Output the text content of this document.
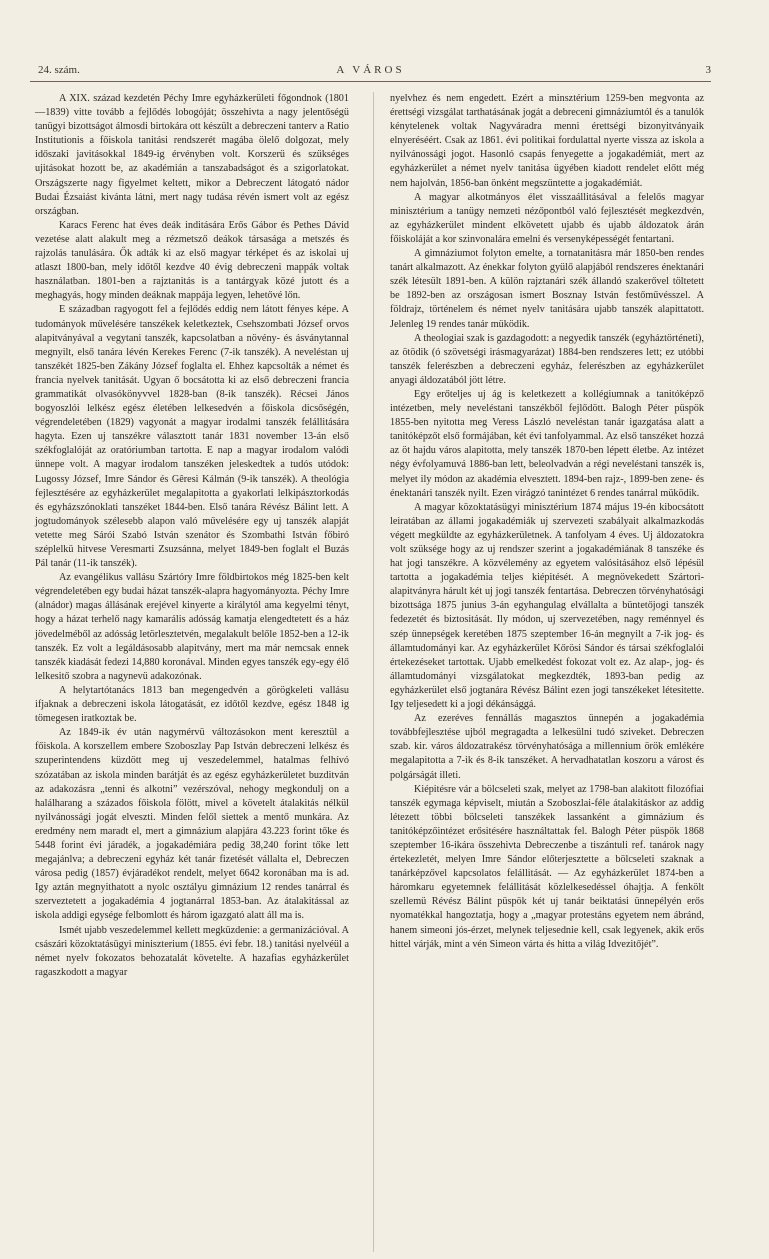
24. szám.	A VÁROS	3

A XIX. század kezdetén Péchy Imre egyházkerületi főgondnok (1801—1839) vitte tovább a fejlődés lobogóját; összehivta a nagy jelentőségü tanügyi bizottságot álmosdi birtokára ott készült a debreczeni tanterv a Ratio Institutionis a főiskola tanitási rendszerét magába ölelő dolgozat, mely időszaki javitásokkal 1849-ig érvényben volt. Korszerü és szükséges ujitásokat hozott be, az akadémián a tanszabadságot és a szigorlatokat. Országszerte nagy figyelmet keltett, mikor a Debreczent látogató nádor Budai Ézsaiást kivánta látni, mert nagy tudása révén ismert volt az egész országban.

Karacs Ferenc hat éves deák inditására Erős Gábor és Pethes Dávid vezetése alatt alakult meg a rézmetsző deákok társasága a metszés és rajzolás tanulására. Ők adták ki az első magyar térképet és az iskolai uj atlaszt 1800-ban, mely időtől kezdve 40 évig debreczeni mappák voltak használatban. 1801-ben a rajztanitás is a tantárgyak közé jutott és a meghagyás, hogy minden deáknak mappája legyen, lehetővé lőn.

E században ragyogott fel a fejlődés eddig nem látott fényes képe. A tudományok művelésére tanszékek keletkeztek, Csehszombati József orvos alapitványával a vegytani tanszék, kapcsolatban a növény- és ásványtannal megnyilt, első tanára lévén Kerekes Ferenc (7-ik tanszék). A neveléstan uj tanszékét 1825-ben Zákány József foglalta el. Ehhez kapcsolták a német és francia nyelvek tanitását. Ugyan ő bocsátotta ki az első debreczeni francia grammatikát olvasókönyvvel 1828-ban (8-ik tanszék). Récsei János bogyoszlói lelkész egész életében lelkesedvén a főiskola dicsőségén, végrendeletében (1829) vagyonát a magyar irodalmi tanszék felállitására hagyta. Ezen uj tanszékre választott tanár 1831 november 13-án első székfoglalóját az oratóriumban tartotta. E nap a magyar irodalom valódi ünnepe volt. A magyar irodalom tanszéken jeleskedtek a tudós utódok: Lugossy József, Imre Sándor és Gêresi Kálmán (9-ik tanszék). A theológia fejlesztésére az egyházkerület megalapitotta a gyakorlati lelkipásztorkodás és egyházszónoklati tanszéket 1844-ben. Első tanára Révész Bálint lett. A jogtudományok szélesebb alapon való művelésére egy uj tanszék alapját vetette meg Sárói Szabó István szenátor és Szombathi István főbiró széplelkü hitvese Veresmarti Zsuzsánna, melyet 1849-ben foglalt el Buzás Pál tanár (11-ik tanszék).

Az evangélikus vallásu Szártóry Imre földbirtokos még 1825-ben kelt végrendeletében egy budai házat tanszék-alapra hagyományozta. Péchy Imre (alnádor) magas állásának erejével kinyerte a királytól ama kegyelmi tényt, hogy a házat terhelő nagy kamarális adósság kamatja elengedtetett és a ház jövedelméből az adósság letörlesztetvén, megalakult belőle 1852-ben a 12-ik tanszék. Ez volt a legáldásosabb alapitvány, mert ma már nemcsak ennek tanszék kiadását fedezi 14,880 koronával. Minden egyes tanszék egy-egy élő lelkesitő szobra a nagynevü adakozónak.

A helytartótanács 1813 ban megengedvén a görögkeleti vallásu ifjaknak a debreczeni iskola látogatását, ez időtől kezdve, egész 1848 ig tömegesen iratkoztak be.

Az 1849-ik év után nagymérvü változásokon ment keresztül a főiskola. A korszellem embere Szoboszlay Pap István debreczeni lelkész és szuperintendens küzdött meg uj veszedelemmel, hatalmas felhívó szózatában az iskola minden barátját és az egész egyházkerületet buzditván az adakozásra „tenni és alkotni” vezérszóval, nehogy megkondulj on a halálharang a százados főiskola fölött, mivel a követelt átalakitás nélkül nyilvánossági jogát elveszti. Minden felől siettek a mentő munkára. Az eredmény nem maradt el, mert a gimnázium alapjára 43.223 forint tőke és 5448 forint évi járadék, a jogakadémiára pedig 38,240 forint tőke lett megajánlva; a debreczeni egyház két tanár fizetését vállalta el, Debreczen városa pedig (1857) évjáradékot rendelt, melyet 6642 koronában ma is ad. Igy aztán megnyithatott a nyolc osztályu gimnázium 12 rendes tanárral és szerveztetett a jogakadémia 4 jogtanárral 1853-ban. Az átalakitással az iskola addigi egysége felbomlott és három igazgató alatt áll ma is.

Ismét ujabb veszedelemmel kellett megküzdenie: a germanizációval. A császári közoktatásügyi miniszterium (1855. évi febr. 18.) tanitási nyelvéül a német nyelv fokozatos behozatalát követelte. A hazafias egyházkerület ragaszkodott a magyar

nyelvhez és nem engedett. Ezért a minsztérium 1259-ben megvonta az érettségi vizsgálat tarthatásának jogát a debreceni gimnáziumtól és a tanulók kénytelenek voltak Nagyváradra menni érettségi bizonyitványaik elnyeréséért. Csak az 1861. évi politikai fordulattal nyerte vissza az iskola a nyilvánossági jogot. Hasonló csapás fenyegette a jogakadémiát, mert az egyházkerület a német nyelv tanitása ügyében kiadott rendelet előtt még nem hajolván, 1856-ban önként megszüntette a jogakadémiát.

A magyar alkotmányos élet visszaállitásával a felelős magyar minisztérium a tanügy nemzeti nézőpontból való fejlesztését megkezdvén, az egyházkerület mindent elkövetett ujabb és ujabb áldozatok árán főiskoláját a kor szinvonalára emelni és versenyképességét fentartani.

A gimnáziumot folyton emelte, a tornatanitásra már 1850-ben rendes tanárt alkalmazott. Az énekkar folyton gyülő alapjából rendszeres énektanári szék létesült 1891-ben. A külön rajztanári szék állandó szakerővel töltetett be 1892-ben az országosan ismert Bosznay István festőművésszel. A földrajz, történelem és német nyelv tanitására ujabb tanszék alapittatott. Jelenleg 19 rendes tanár müködik.

A theologiai szak is gazdagodott: a negyedik tanszék (egyháztörténeti), az ötödik (ó szövetségi irásmagyarázat) 1884-ben rendszeres lett; ez utóbbi tanszék felerészben a debreczeni egyház, felerészben az egyházkerület anyagi áldozatából jött létre.

Egy erőteljes uj ág is keletkezett a kollégiumnak a tanitóképző intézetben, mely neveléstani tanszékből fejlődött. Balogh Péter püspök 1855-ben nyitotta meg Veress László neveléstan tanár igazgatása alatt a tanitóképzőt első formájában, két évi tanfolyammal. Az első tanszéket hozzá az öt hajdu város alapitotta, mely tanszék 1870-ben lépett életbe. Az intézet négy évfolyamuvá 1886-ban lett, beleolvadván a régi neveléstani tanszék is, melyet ily módon az akadémia elvesztett. 1894-ben rajz-, 1899-ben zene- és énektanári tanszék nyilt. Ezen virágzó tanintézet 6 rendes tanárral müködik.

A magyar közoktatásügyi minisztérium 1874 május 19-én kibocsátott leiratában az állami jogakadémiák uj szervezeti szabályait alkalmazkodás végett megküldte az egyházkerületnek. A tanfolyam 4 éves. Uj áldozatokra volt szüksége hogy az uj rendszer szerint a jogakadémiának 8 tanszéke és hat jogi tanszékre. A közvélemény az egyetem valósitásához első lépésül tartotta a jogakadémia teljes kiépitését. A megnövekedett Szártori-alapitványra hárult két uj jogi tanszék fentartása. Debreczen törvényhatósági bizottsága 1875 junius 3-án egyhangulag elvállalta a büntetőjogi tanszék fedezetét és biztositását. Ily módon, uj szervezetében, nagy reménnyel és szép ünnepségek keretében 1875 szeptember 16-án megnyilt a 7-ik jog- és államtudományi kar. Az egyházkerület Kőrösi Sándor és társai székfoglalói értekezéseket tartottak. Ujabb emelkedést fokozat volt ez. Az alap-, jog- és államtudományi vizsgálatokat megkezdték, 1893-ban pedig az egyházkerület első jogtanára Révész Bálint ezen jogi tanszékeket létesitette. Igy teljesedett ki a jogi dékánsággá.

Az ezeréves fennállás magasztos ünnepén a jogakadémia továbbfejlesztése ujból megragadta a lelkesülni tudó sziveket. Debreczen szab. kir. város áldozatrakész törvényhatósága a millennium örök emlékére megalapitotta a 7-ik és 8-ik tanszéket. A hervadhatatlan koszoru a várost és polgárságát illeti.

Kiépitésre vár a bölcseleti szak, melyet az 1798-ban alakitott filozófiai tanszék egymaga képviselt, miután a Szoboszlai-féle átalakitáskor az addig létezett többi bölcseleti tanszékek lassanként a gimnázium és tanitóképzőintézet erősitésére használtattak fel. Balogh Péter püspök 1868 szeptember 16-ikára összehivta Debreczenbe a tiszántuli ref. tanárok nagy értekezletét, melyen Imre Sándor előterjesztette a bölcseleti szaknak a tanárképzővel kapcsolatos felállitását. — Az egyházkerület 1874-ben a háromkaru egyetemnek felállitását közlelkesedéssel óhajtja. A fenkölt szellemü Révész Bálint püspök két uj tanár beiktatási ünnepélyén erős nyomatékkal hangoztatja, hogy a „magyar protestáns egyetem nem ábránd, hanem simeoni jós-érzet, melynek teljesednie kell, csak legyenek, akik erős hittel várják, mint a vén Simeon várta és hitta a világ Idvezitőjét”.
